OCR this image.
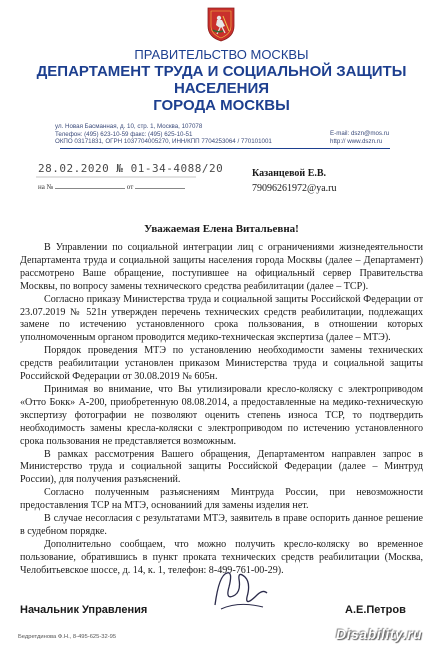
ПРАВИТЕЛЬСТВО МОСКВЫ
ДЕПАРТАМЕНТ ТРУДА И СОЦИАЛЬНОЙ ЗАЩИТЫ НАСЕЛЕНИЯ
ГОРОДА МОСКВЫ
ул. Новая Басманная, д. 10, стр. 1, Москва, 107078
Телефон: (495) 623-10-59 факс: (495) 625-10-51
ОКПО 03171831, ОГРН 1037704005270, ИНН/КПП 7704253064 / 770101001
E-mail: dszn@mos.ru
http:// www.dszn.ru
28.02.2020 № 01-34-4088/20
на №	от
Казанцевой Е.В.
79096261972@ya.ru
Уважаемая Елена Витальевна!

В Управлении по социальной интеграции лиц с ограничениями жизнедеятельности Департамента труда и социальной защиты населения города Москвы (далее – Департамент) рассмотрено Ваше обращение, поступившее на официальный сервер Правительства Москвы, по вопросу замены технического средства реабилитации (далее – ТСР).

Согласно приказу Министерства труда и социальной защиты Российской Федерации от 23.07.2019 № 521н утвержден перечень технических средств реабилитации, подлежащих замене по истечению установленного срока пользования, в отношении которых уполномоченным органом проводится медико-техническая экспертиза (далее – МТЭ).

Порядок проведения МТЭ по установлению необходимости замены технических средств реабилитации установлен приказом Министерства труда и социальной защиты Российской Федерации от 30.08.2019 № 605н.

Принимая во внимание, что Вы утилизировали кресло-коляску с электроприводом «Отто Бокк» А-200, приобретенную 08.08.2014, а предоставленные на медико-техническую экспертизу фотографии не позволяют оценить степень износа ТСР, то подтвердить необходимость замены кресла-коляски с электроприводом по истечению установленного срока пользования не представляется возможным.

В рамках рассмотрения Вашего обращения, Департаментом направлен запрос в Министерство труда и социальной защиты Российской Федерации (далее – Минтруд России), для получения разъяснений.

Согласно полученным разъяснениям Минтруда России, при невозможности предоставления ТСР на МТЭ, основаниий для замены изделия нет.

В случае несогласия с результатами МТЭ, заявитель в праве оспорить данное решение в судебном порядке.

Дополнительно сообщаем, что можно получить кресло-коляску во временное пользование, обратившись в пункт проката технических средств реабилитации (Москва, Челобитьевское шоссе, д. 14, к. 1, телефон: 8-499-761-00-29).

Начальник Управления	А.Е.Петров
Бедретдинова Ф.Н., 8-495-625-32-95	Disability.ru
